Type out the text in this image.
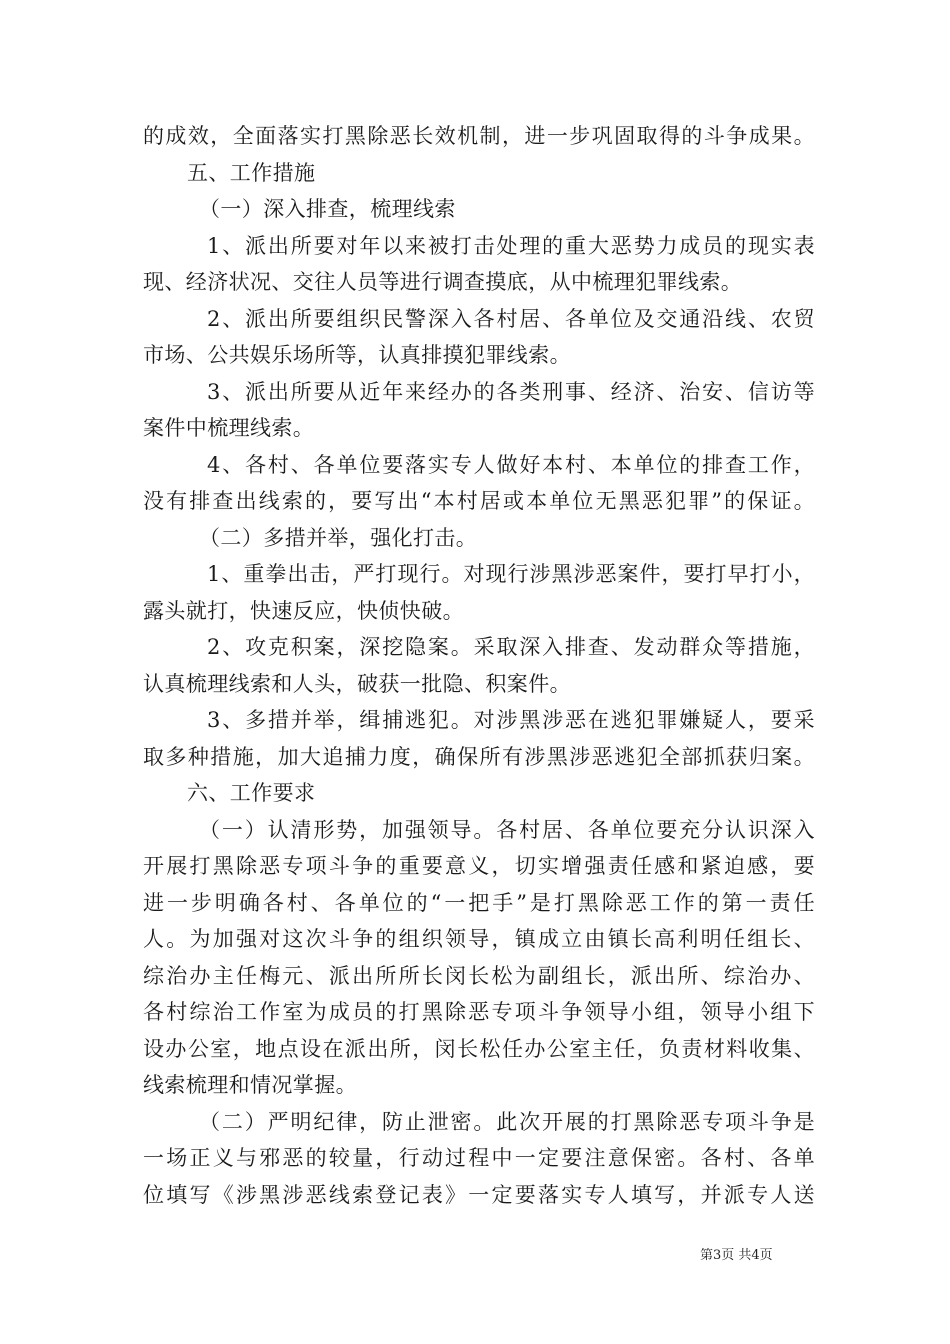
的成效，全面落实打黑除恶长效机制，进一步巩固取得的斗争成果。
五、工作措施
（一）深入排查，梳理线索
1、派出所要对年以来被打击处理的重大恶势力成员的现实表
现、经济状况、交往人员等进行调查摸底，从中梳理犯罪线索。
2、派出所要组织民警深入各村居、各单位及交通沿线、农贸
市场、公共娱乐场所等，认真排摸犯罪线索。
3、派出所要从近年来经办的各类刑事、经济、治安、信访等
案件中梳理线索。
4、各村、各单位要落实专人做好本村、本单位的排查工作，
没有排查出线索的，要写出“本村居或本单位无黑恶犯罪”的保证。
（二）多措并举，强化打击。
1、重拳出击，严打现行。对现行涉黑涉恶案件，要打早打小，
露头就打，快速反应，快侦快破。
2、攻克积案，深挖隐案。采取深入排查、发动群众等措施，
认真梳理线索和人头，破获一批隐、积案件。
3、多措并举，缉捕逃犯。对涉黑涉恶在逃犯罪嫌疑人，要采
取多种措施，加大追捕力度，确保所有涉黑涉恶逃犯全部抓获归案。
六、工作要求
（一）认清形势，加强领导。各村居、各单位要充分认识深入
开展打黑除恶专项斗争的重要意义，切实增强责任感和紧迫感，要
进一步明确各村、各单位的“一把手”是打黑除恶工作的第一责任
人。为加强对这次斗争的组织领导，镇成立由镇长高利明任组长、
综治办主任梅元、派出所所长闵长松为副组长，派出所、综治办、
各村综治工作室为成员的打黑除恶专项斗争领导小组，领导小组下
设办公室，地点设在派出所，闵长松任办公室主任，负责材料收集、
线索梳理和情况掌握。
（二）严明纪律，防止泄密。此次开展的打黑除恶专项斗争是
一场正义与邪恶的较量，行动过程中一定要注意保密。各村、各单
位填写《涉黑涉恶线索登记表》一定要落实专人填写，并派专人送
第3页 共4页
